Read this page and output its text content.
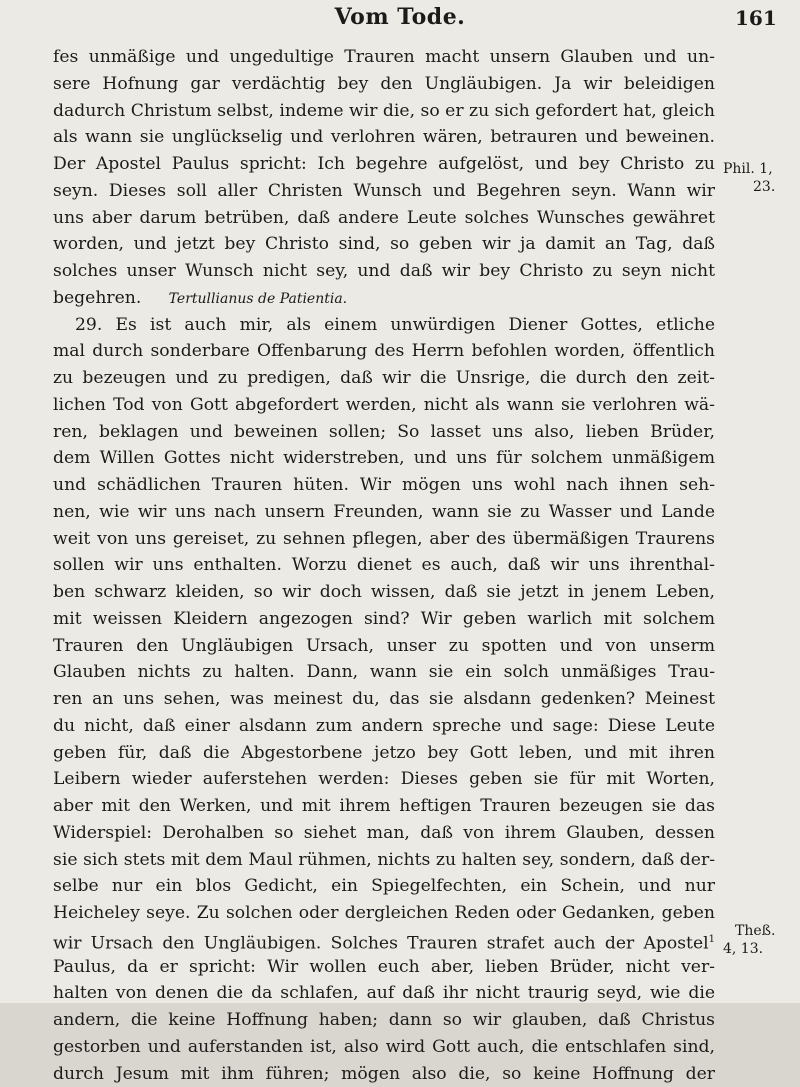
Vom Tode.	161
fes unmäßige und ungedultige Trauren macht unsern Glauben und un-
sere Hofnung gar verdächtig bey den Ungläubigen. Ja wir beleidigen
dadurch Christum selbst, indeme wir die, so er zu sich gefordert hat, gleich
als wann sie unglückselig und verlohren wären, betrauren und beweinen.
Der Apostel Paulus spricht: Ich begehre aufgelöst, und bey Christo zu
seyn. Dieses soll aller Christen Wunsch und Begehren seyn. Wann wir
uns aber darum betrüben, daß andere Leute solches Wunsches gewähret
worden, und jetzt bey Christo sind, so geben wir ja damit an Tag, daß
solches unser Wunsch nicht sey, und daß wir bey Christo zu seyn nicht
begehren. Tertullianus de Patientia.
29. Es ist auch mir, als einem unwürdigen Diener Gottes, etliche
mal durch sonderbare Offenbarung des Herrn befohlen worden, öffentlich
zu bezeugen und zu predigen, daß wir die Unsrige, die durch den zeit-
lichen Tod von Gott abgefordert werden, nicht als wann sie verlohren wä-
ren, beklagen und beweinen sollen; So lasset uns also, lieben Brüder,
dem Willen Gottes nicht widerstreben, und uns für solchem unmäßigem
und schädlichen Trauren hüten. Wir mögen uns wohl nach ihnen seh-
nen, wie wir uns nach unsern Freunden, wann sie zu Wasser und Lande
weit von uns gereiset, zu sehnen pflegen, aber des übermäßigen Traurens
sollen wir uns enthalten. Worzu dienet es auch, daß wir uns ihrenthal-
ben schwarz kleiden, so wir doch wissen, daß sie jetzt in jenem Leben,
mit weissen Kleidern angezogen sind? Wir geben warlich mit solchem
Trauren den Ungläubigen Ursach, unser zu spotten und von unserm
Glauben nichts zu halten. Dann, wann sie ein solch unmäßiges Trau-
ren an uns sehen, was meinest du, das sie alsdann gedenken? Meinest
du nicht, daß einer alsdann zum andern spreche und sage: Diese Leute
geben für, daß die Abgestorbene jetzo bey Gott leben, und mit ihren
Leibern wieder auferstehen werden: Dieses geben sie für mit Worten,
aber mit den Werken, und mit ihrem heftigen Trauren bezeugen sie das
Widerspiel: Derohalben so siehet man, daß von ihrem Glauben, dessen
sie sich stets mit dem Maul rühmen, nichts zu halten sey, sondern, daß der-
selbe nur ein blos Gedicht, ein Spiegelfechten, ein Schein, und nur
Heicheley seye. Zu solchen oder dergleichen Reden oder Gedanken, geben
wir Ursach den Ungläubigen. Solches Trauren strafet auch der Apostel$^1$
Paulus, da er spricht: Wir wollen euch aber, lieben Brüder, nicht ver-
halten von denen die da schlafen, auf daß ihr nicht traurig seyd, wie die
andern, die keine Hoffnung haben; dann so wir glauben, daß Christus
gestorben und auferstanden ist, also wird Gott auch, die entschlafen sind,
durch Jesum mit ihm führen; mögen also die, so keine Hoffnung der
Phil. 1,
23.
Theß.
4, 13.
